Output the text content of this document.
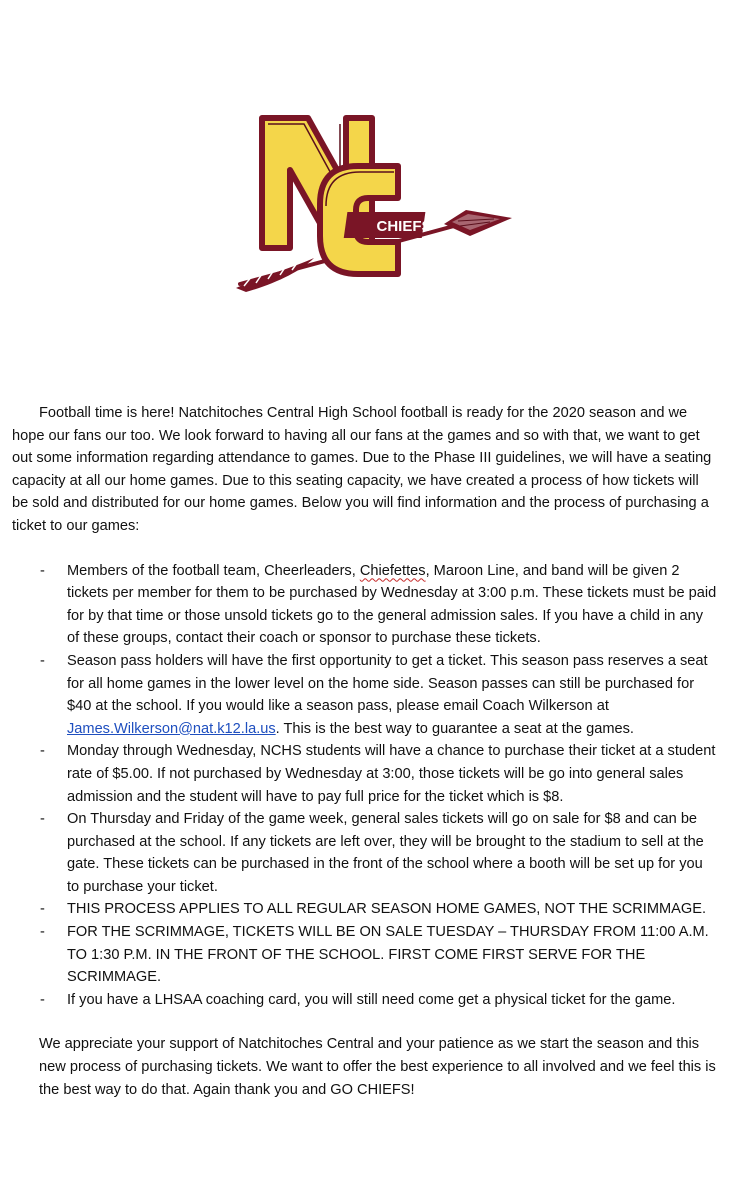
CHIEFS

Football time is here! Natchitoches Central High School football is ready for the 2020 season and we hope our fans our too. We look forward to having all our fans at the games and so with that, we want to get out some information regarding attendance to games. Due to the Phase III guidelines, we will have a seating capacity at all our home games. Due to this seating capacity, we have created a process of how tickets will be sold and distributed for our home games. Below you will find information and the process of purchasing a ticket to our games:

- Members of the football team, Cheerleaders, Chiefettes, Maroon Line, and band will be given 2 tickets per member for them to be purchased by Wednesday at 3:00 p.m. These tickets must be paid for by that time or those unsold tickets go to the general admission sales. If you have a child in any of these groups, contact their coach or sponsor to purchase these tickets.
- Season pass holders will have the first opportunity to get a ticket. This season pass reserves a seat for all home games in the lower level on the home side. Season passes can still be purchased for $40 at the school. If you would like a season pass, please email Coach Wilkerson at James.Wilkerson@nat.k12.la.us. This is the best way to guarantee a seat at the games.
- Monday through Wednesday, NCHS students will have a chance to purchase their ticket at a student rate of $5.00. If not purchased by Wednesday at 3:00, those tickets will be go into general sales admission and the student will have to pay full price for the ticket which is $8.
- On Thursday and Friday of the game week, general sales tickets will go on sale for $8 and can be purchased at the school. If any tickets are left over, they will be brought to the stadium to sell at the gate. These tickets can be purchased in the front of the school where a booth will be set up for you to purchase your ticket.
- THIS PROCESS APPLIES TO ALL REGULAR SEASON HOME GAMES, NOT THE SCRIMMAGE.
- FOR THE SCRIMMAGE, TICKETS WILL BE ON SALE TUESDAY – THURSDAY FROM 11:00 A.M. TO 1:30 P.M. IN THE FRONT OF THE SCHOOL. FIRST COME FIRST SERVE FOR THE SCRIMMAGE.
- If you have a LHSAA coaching card, you will still need come get a physical ticket for the game.

We appreciate your support of Natchitoches Central and your patience as we start the season and this new process of purchasing tickets. We want to offer the best experience to all involved and we feel this is the best way to do that. Again thank you and GO CHIEFS!
